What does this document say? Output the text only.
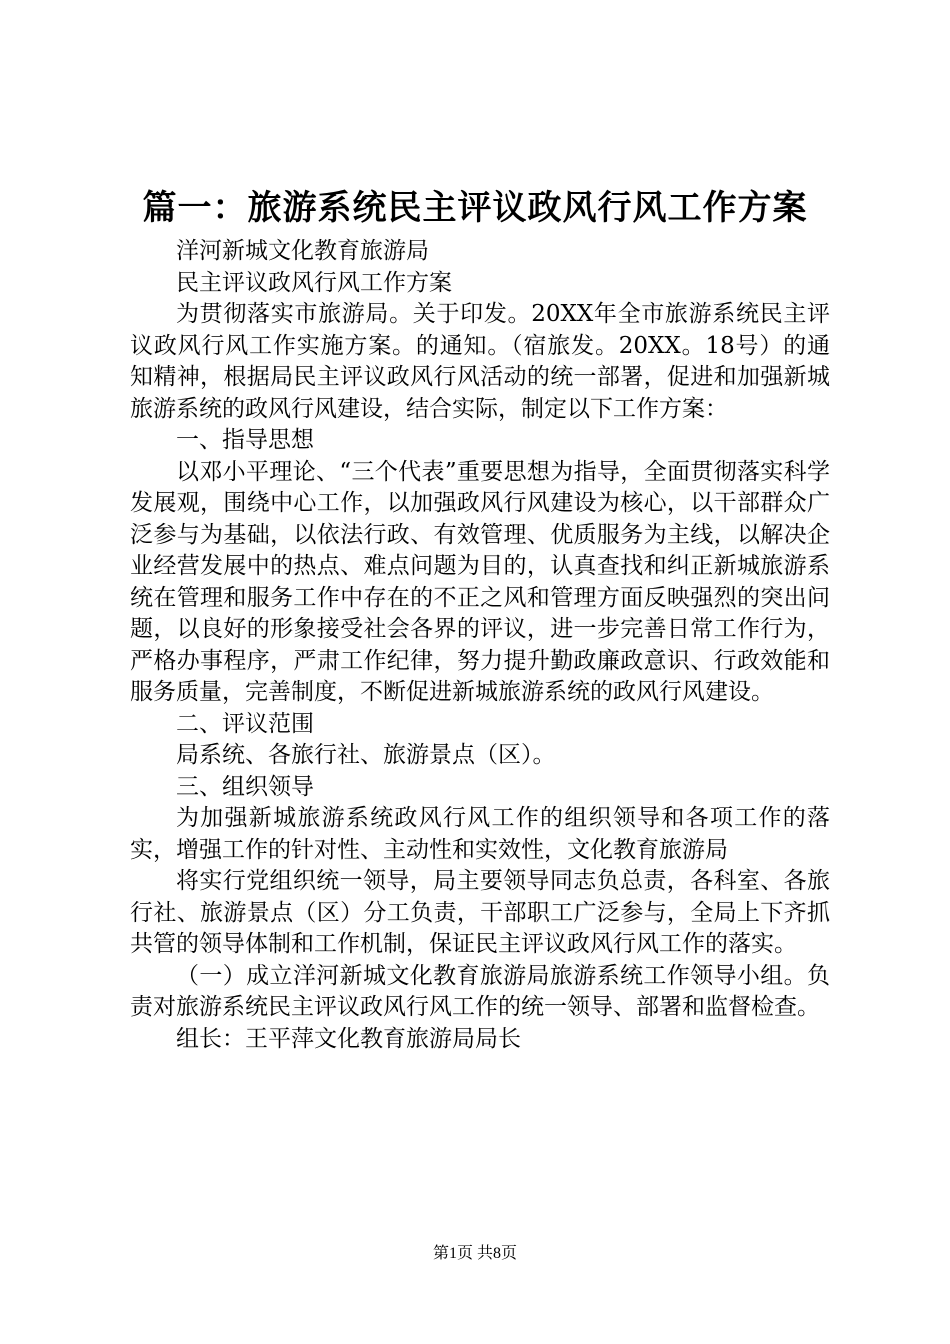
篇一：旅游系统民主评议政风行风工作方案

洋河新城文化教育旅游局

民主评议政风行风工作方案

为贯彻落实市旅游局。关于印发。20XX年全市旅游系统民主评议政风行风工作实施方案。的通知。（宿旅发。20XX。18号）的通知精神，根据局民主评议政风行风活动的统一部署，促进和加强新城旅游系统的政风行风建设，结合实际，制定以下工作方案：

一、指导思想

以邓小平理论、“三个代表”重要思想为指导，全面贯彻落实科学发展观，围绕中心工作，以加强政风行风建设为核心，以干部群众广泛参与为基础，以依法行政、有效管理、优质服务为主线，以解决企业经营发展中的热点、难点问题为目的，认真查找和纠正新城旅游系统在管理和服务工作中存在的不正之风和管理方面反映强烈的突出问题，以良好的形象接受社会各界的评议，进一步完善日常工作行为，严格办事程序，严肃工作纪律，努力提升勤政廉政意识、行政效能和服务质量，完善制度，不断促进新城旅游系统的政风行风建设。

二、评议范围

局系统、各旅行社、旅游景点（区）。

三、组织领导

为加强新城旅游系统政风行风工作的组织领导和各项工作的落实，增强工作的针对性、主动性和实效性，文化教育旅游局

将实行党组织统一领导，局主要领导同志负总责，各科室、各旅行社、旅游景点（区）分工负责，干部职工广泛参与，全局上下齐抓共管的领导体制和工作机制，保证民主评议政风行风工作的落实。

（一）成立洋河新城文化教育旅游局旅游系统工作领导小组。负责对旅游系统民主评议政风行风工作的统一领导、部署和监督检查。

组长：王平萍文化教育旅游局局长

第1页 共8页
